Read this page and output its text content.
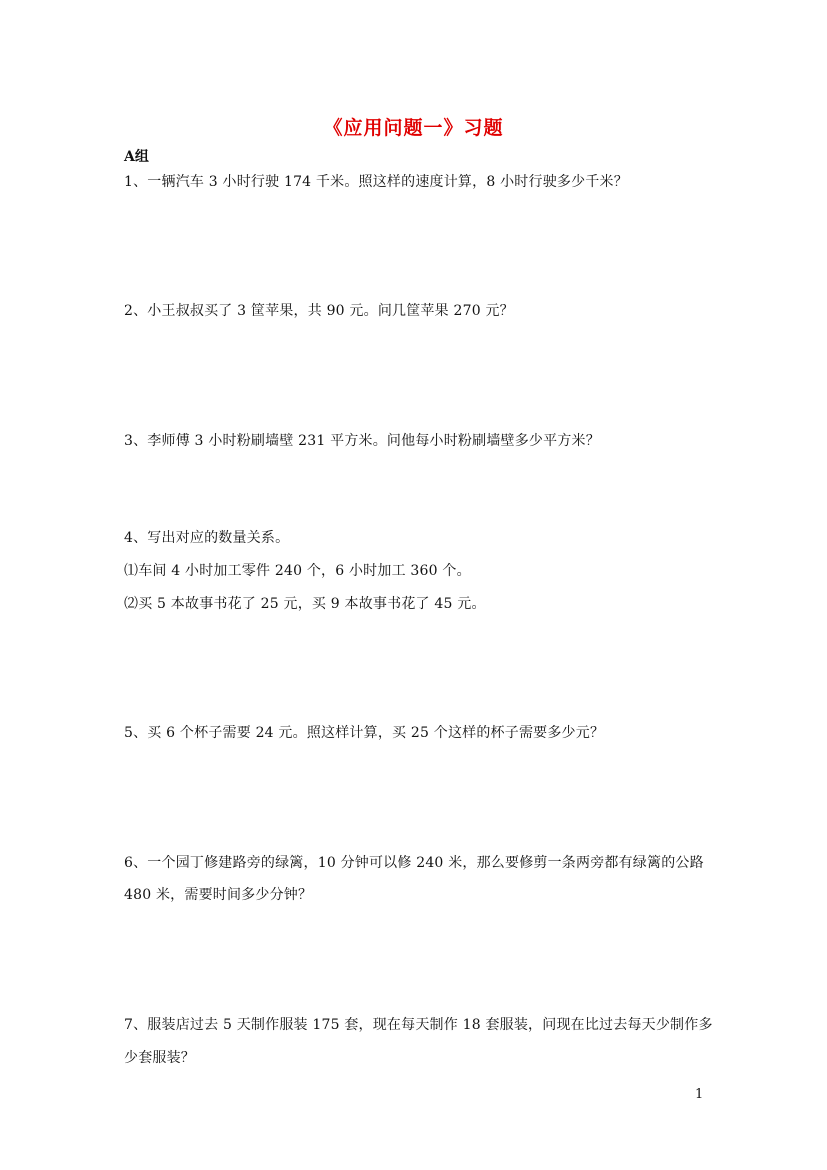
《应用问题一》习题
A组
1、一辆汽车 3 小时行驶 174 千米。照这样的速度计算，8 小时行驶多少千米？
2、小王叔叔买了 3 筐苹果，共 90 元。问几筐苹果 270 元？
3、李师傅 3 小时粉刷墙壁 231 平方米。问他每小时粉刷墙壁多少平方米？
4、写出对应的数量关系。
⑴车间 4 小时加工零件 240 个，6 小时加工 360 个。
⑵买 5 本故事书花了 25 元，买 9 本故事书花了 45 元。
5、买 6 个杯子需要 24 元。照这样计算，买 25 个这样的杯子需要多少元？
6、一个园丁修建路旁的绿篱，10 分钟可以修 240 米，那么要修剪一条两旁都有绿篱的公路
480 米，需要时间多少分钟？
7、服装店过去 5 天制作服装 175 套，现在每天制作 18 套服装，问现在比过去每天少制作多
少套服装？
1
